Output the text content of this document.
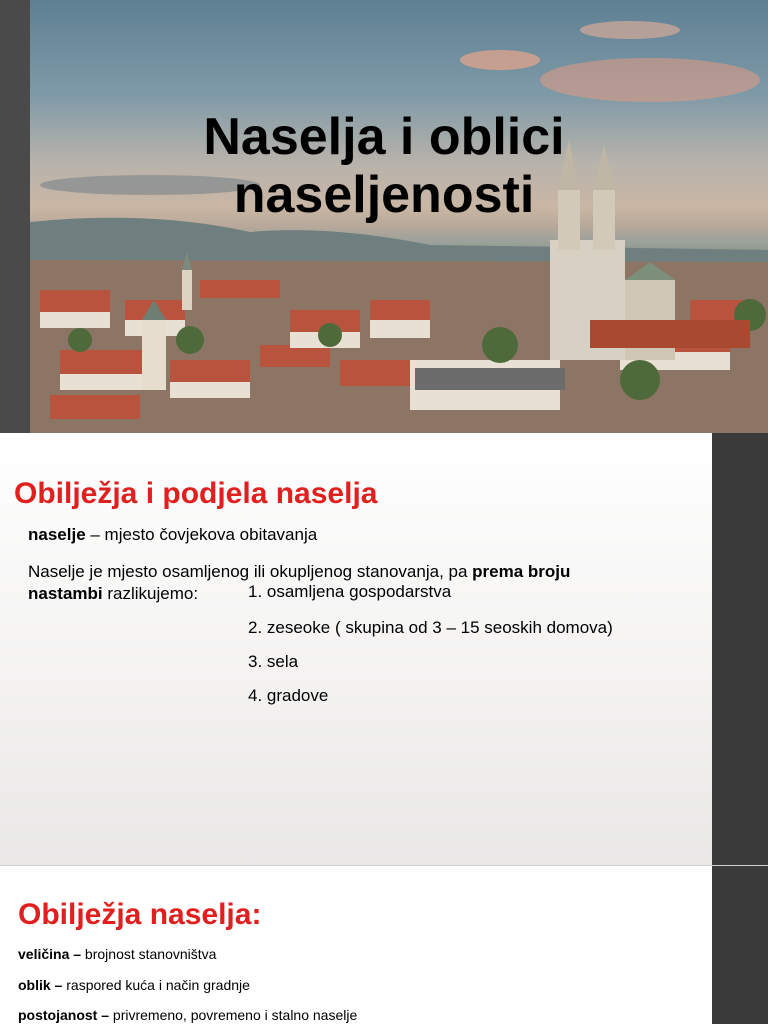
Naselja i oblici
naseljenosti
Obilježja i podjela naselja

naselje – mjesto čovjekova obitavanja

Naselje je mjesto osamljenog ili okupljenog stanovanja, pa prema broju
nastambi razlikujemo:	1. osamljena gospodarstva
2. zeseoke ( skupina od 3 – 15 seoskih domova)
3. sela
4. gradove
Obilježja naselja:

veličina – brojnost stanovništva

oblik – raspored kuća i način gradnje

postojanost – privremeno, povremeno i stalno naselje
